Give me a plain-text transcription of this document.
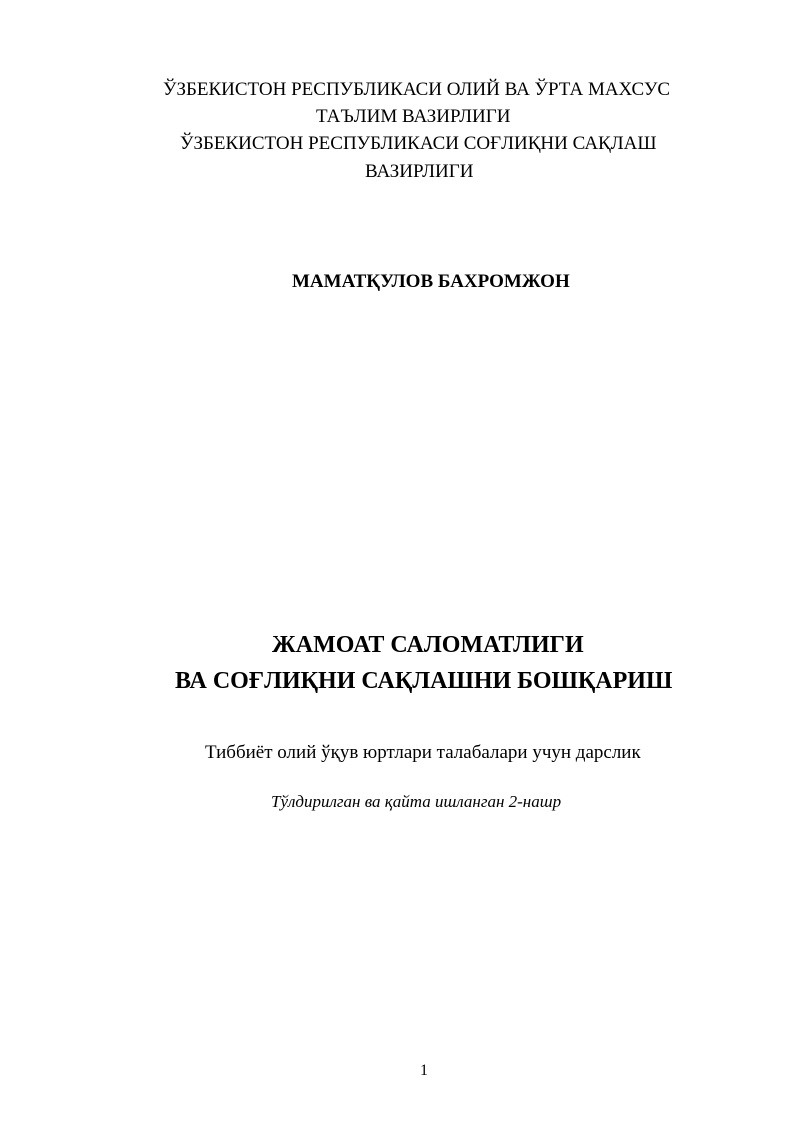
ЎЗБЕКИСТОН РЕСПУБЛИКАСИ ОЛИЙ ВА ЎРТА МАХСУС
ТАЪЛИМ ВАЗИРЛИГИ
ЎЗБЕКИСТОН РЕСПУБЛИКАСИ СОҒЛИҚНИ САҚЛАШ
ВАЗИРЛИГИ
МАМАТҚУЛОВ БАХРОМЖОН
ЖАМОАТ САЛОМАТЛИГИ
ВА СОҒЛИҚНИ САҚЛАШНИ БОШҚАРИШ
Тиббиёт олий ўқув юртлари талабалари учун дарслик
Тўлдирилган ва қайта ишланган 2-нашр
1
